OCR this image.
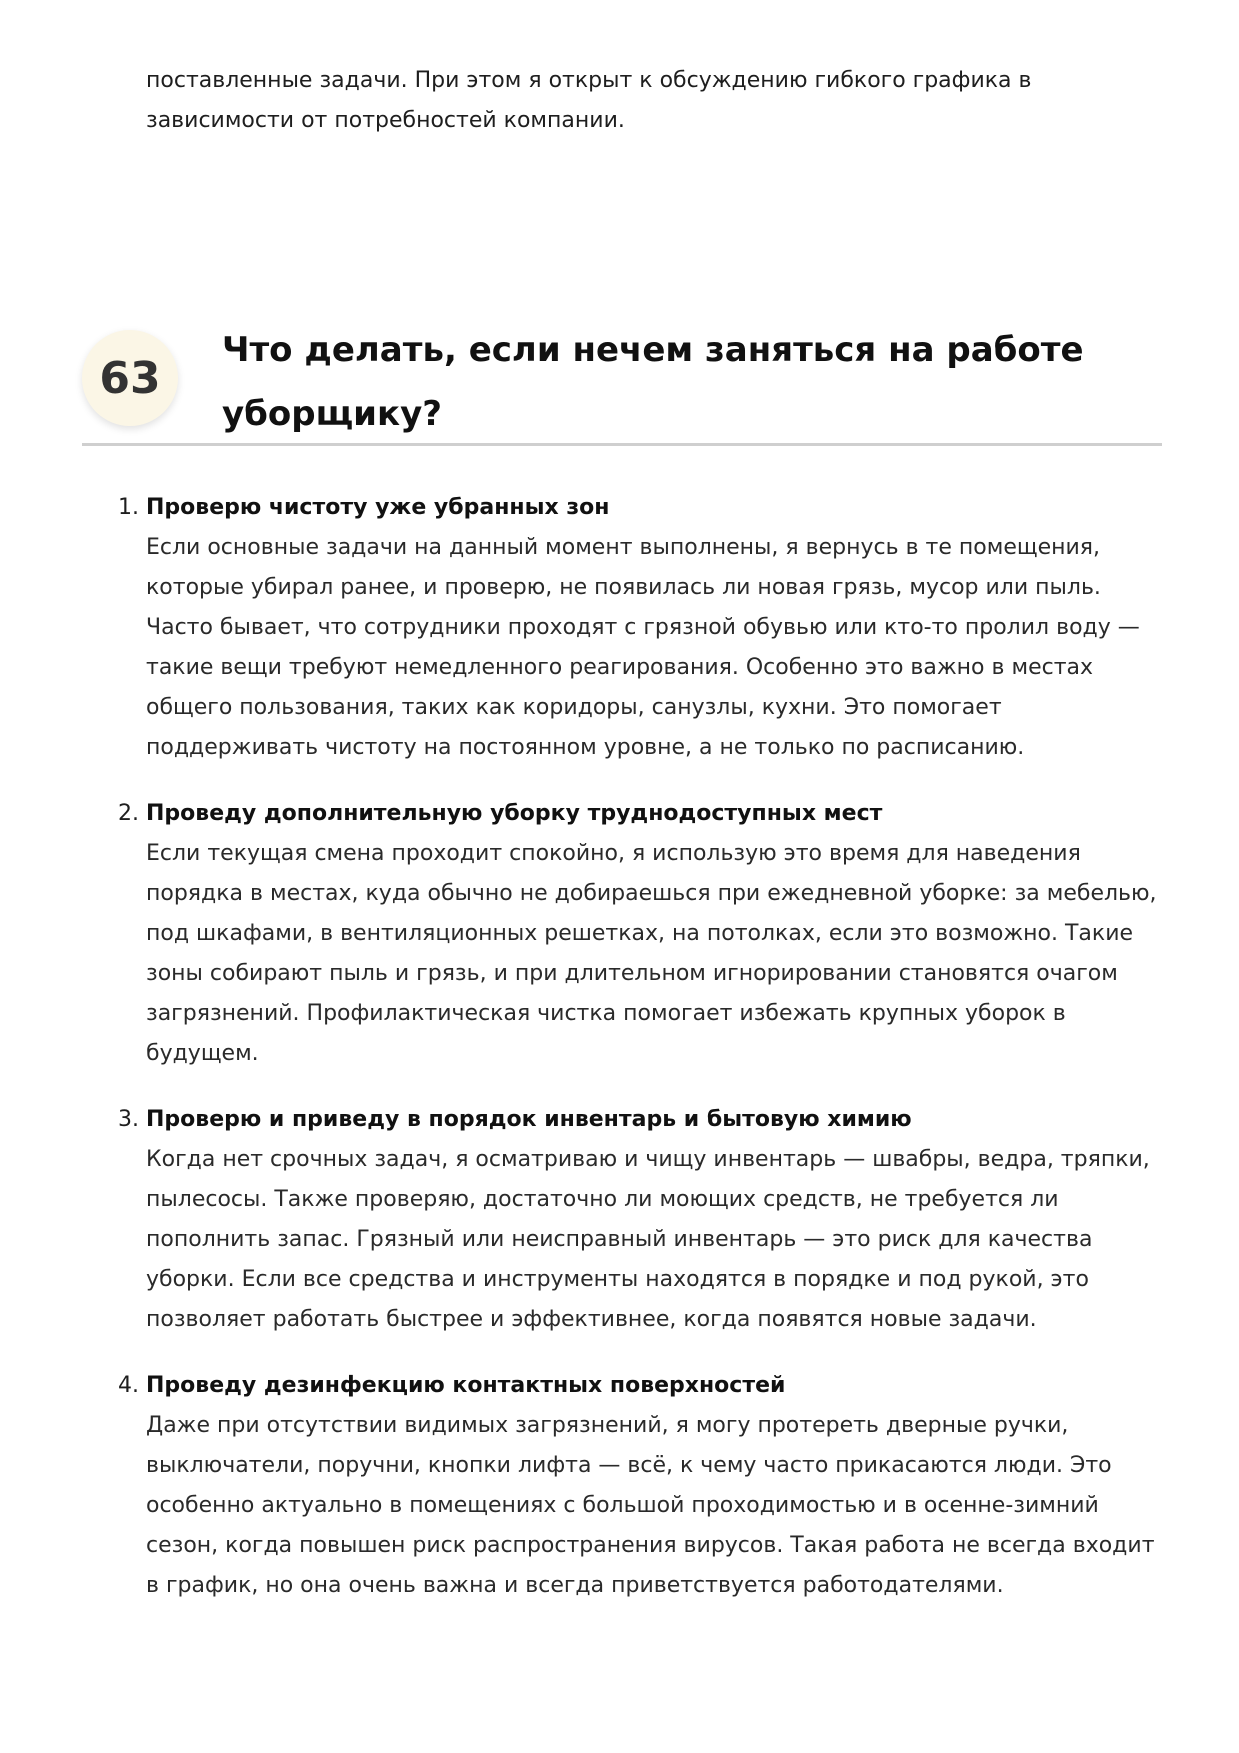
поставленные задачи. При этом я открыт к обсуждению гибкого графика в зависимости от потребностей компании.

63
Что делать, если нечем заняться на работе уборщику?
1. Проверю чистоту уже убранных зон
Если основные задачи на данный момент выполнены, я вернусь в те помещения, которые убирал ранее, и проверю, не появилась ли новая грязь, мусор или пыль. Часто бывает, что сотрудники проходят с грязной обувью или кто-то пролил воду — такие вещи требуют немедленного реагирования. Особенно это важно в местах общего пользования, таких как коридоры, санузлы, кухни. Это помогает поддерживать чистоту на постоянном уровне, а не только по расписанию.
2. Проведу дополнительную уборку труднодоступных мест
Если текущая смена проходит спокойно, я использую это время для наведения порядка в местах, куда обычно не добираешься при ежедневной уборке: за мебелью, под шкафами, в вентиляционных решетках, на потолках, если это возможно. Такие зоны собирают пыль и грязь, и при длительном игнорировании становятся очагом загрязнений. Профилактическая чистка помогает избежать крупных уборок в будущем.
3. Проверю и приведу в порядок инвентарь и бытовую химию
Когда нет срочных задач, я осматриваю и чищу инвентарь — швабры, ведра, тряпки, пылесосы. Также проверяю, достаточно ли моющих средств, не требуется ли пополнить запас. Грязный или неисправный инвентарь — это риск для качества уборки. Если все средства и инструменты находятся в порядке и под рукой, это позволяет работать быстрее и эффективнее, когда появятся новые задачи.
4. Проведу дезинфекцию контактных поверхностей
Даже при отсутствии видимых загрязнений, я могу протереть дверные ручки, выключатели, поручни, кнопки лифта — всё, к чему часто прикасаются люди. Это особенно актуально в помещениях с большой проходимостью и в осенне-зимний сезон, когда повышен риск распространения вирусов. Такая работа не всегда входит в график, но она очень важна и всегда приветствуется работодателями.
